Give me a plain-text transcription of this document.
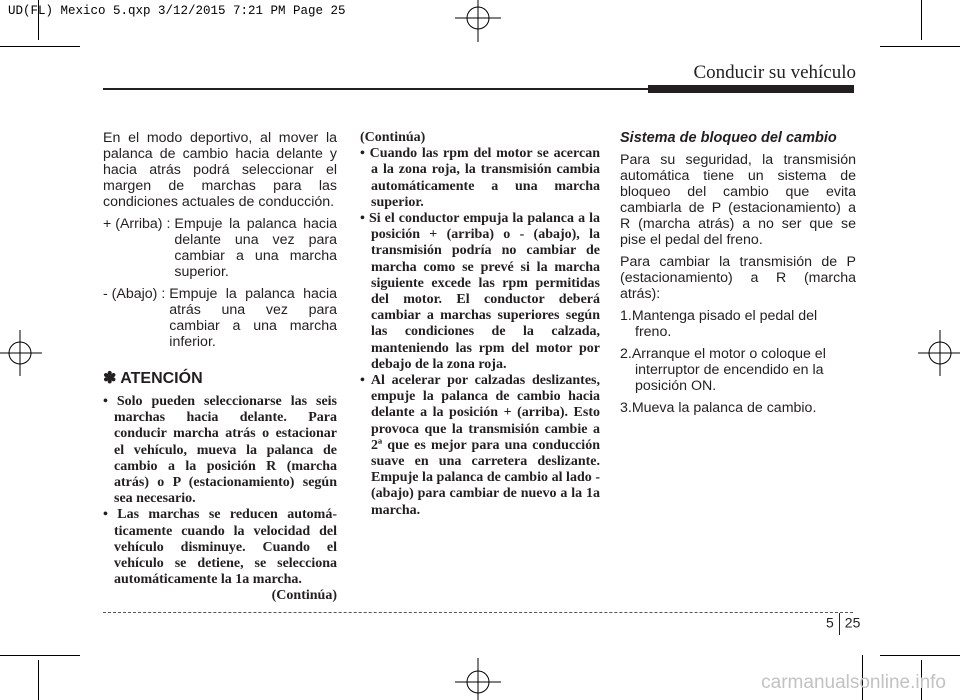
UD(FL) Mexico 5.qxp 3/12/2015 7:21 PM Page 25
Conducir su vehículo

En el modo deportivo, al mover la palanca de cambio hacia delante y hacia atrás podrá seleccionar el margen de marchas para las condiciones actuales de conducción.

+ (Arriba) : Empuje la palanca hacia delante una vez para cambiar a una marcha superior.
- (Abajo) : Empuje la palanca hacia atrás una vez para cambiar a una marcha inferior.
✽ ATENCIÓN
• Solo pueden seleccionarse las seis marchas hacia delante. Para conducir marcha atrás o estacionar el vehículo, mueva la palanca de cambio a la posición R (marcha atrás) o P (estacionamiento) según sea necesario.
• Las marchas se reducen automáticamente cuando la velocidad del vehículo disminuye. Cuando el vehículo se detiene, se selecciona automáticamente la 1a marcha.
(Continúa)
(Continúa)
• Cuando las rpm del motor se acercan a la zona roja, la transmisión cambia automáticamente a una marcha superior.
• Si el conductor empuja la palanca a la posición + (arriba) o - (abajo), la transmisión podría no cambiar de marcha como se prevé si la marcha siguiente excede las rpm permitidas del motor. El conductor deberá cambiar a marchas superiores según las condiciones de la calzada, manteniendo las rpm del motor por debajo de la zona roja.
• Al acelerar por calzadas deslizantes, empuje la palanca de cambio hacia delante a la posición + (arriba). Esto provoca que la transmisión cambie a 2ª que es mejor para una conducción suave en una carretera deslizante. Empuje la palanca de cambio al lado - (abajo) para cambiar de nuevo a la 1a marcha.
Sistema de bloqueo del cambio

Para su seguridad, la transmisión automática tiene un sistema de bloqueo del cambio que evita cambiarla de P (estacionamiento) a R (marcha atrás) a no ser que se pise el pedal del freno.

Para cambiar la transmisión de P (estacionamiento) a R (marcha atrás):

1.Mantenga pisado el pedal del freno.
2.Arranque el motor o coloque el interruptor de encendido en la posición ON.
3.Mueva la palanca de cambio.
5 25
carmanualsonline.info
